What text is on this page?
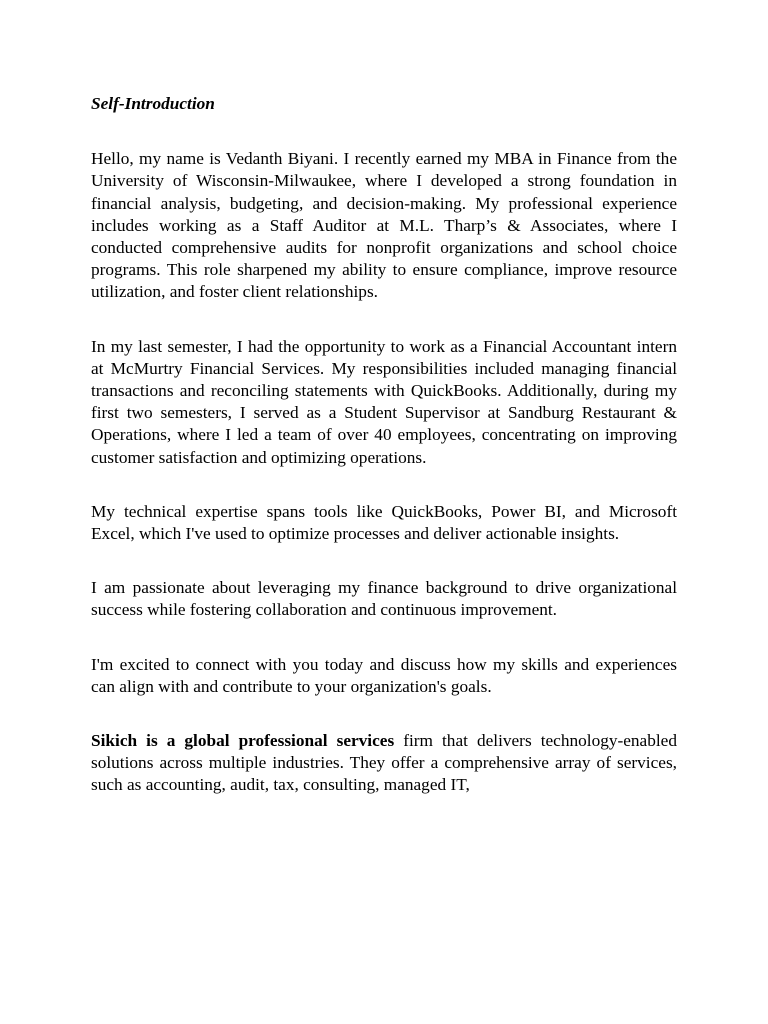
Self-Introduction

Hello, my name is Vedanth Biyani. I recently earned my MBA in Finance from the University of Wisconsin-Milwaukee, where I developed a strong foundation in financial analysis, budgeting, and decision-making. My professional experience includes working as a Staff Auditor at M.L. Tharp’s & Associates, where I conducted comprehensive audits for nonprofit organizations and school choice programs. This role sharpened my ability to ensure compliance, improve resource utilization, and foster client relationships.

In my last semester, I had the opportunity to work as a Financial Accountant intern at McMurtry Financial Services. My responsibilities included managing financial transactions and reconciling statements with QuickBooks. Additionally, during my first two semesters, I served as a Student Supervisor at Sandburg Restaurant & Operations, where I led a team of over 40 employees, concentrating on improving customer satisfaction and optimizing operations.

My technical expertise spans tools like QuickBooks, Power BI, and Microsoft Excel, which I've used to optimize processes and deliver actionable insights.

I am passionate about leveraging my finance background to drive organizational success while fostering collaboration and continuous improvement.

I'm excited to connect with you today and discuss how my skills and experiences can align with and contribute to your organization's goals.

Sikich is a global professional services firm that delivers technology-enabled solutions across multiple industries. They offer a comprehensive array of services, such as accounting, audit, tax, consulting, managed IT,
